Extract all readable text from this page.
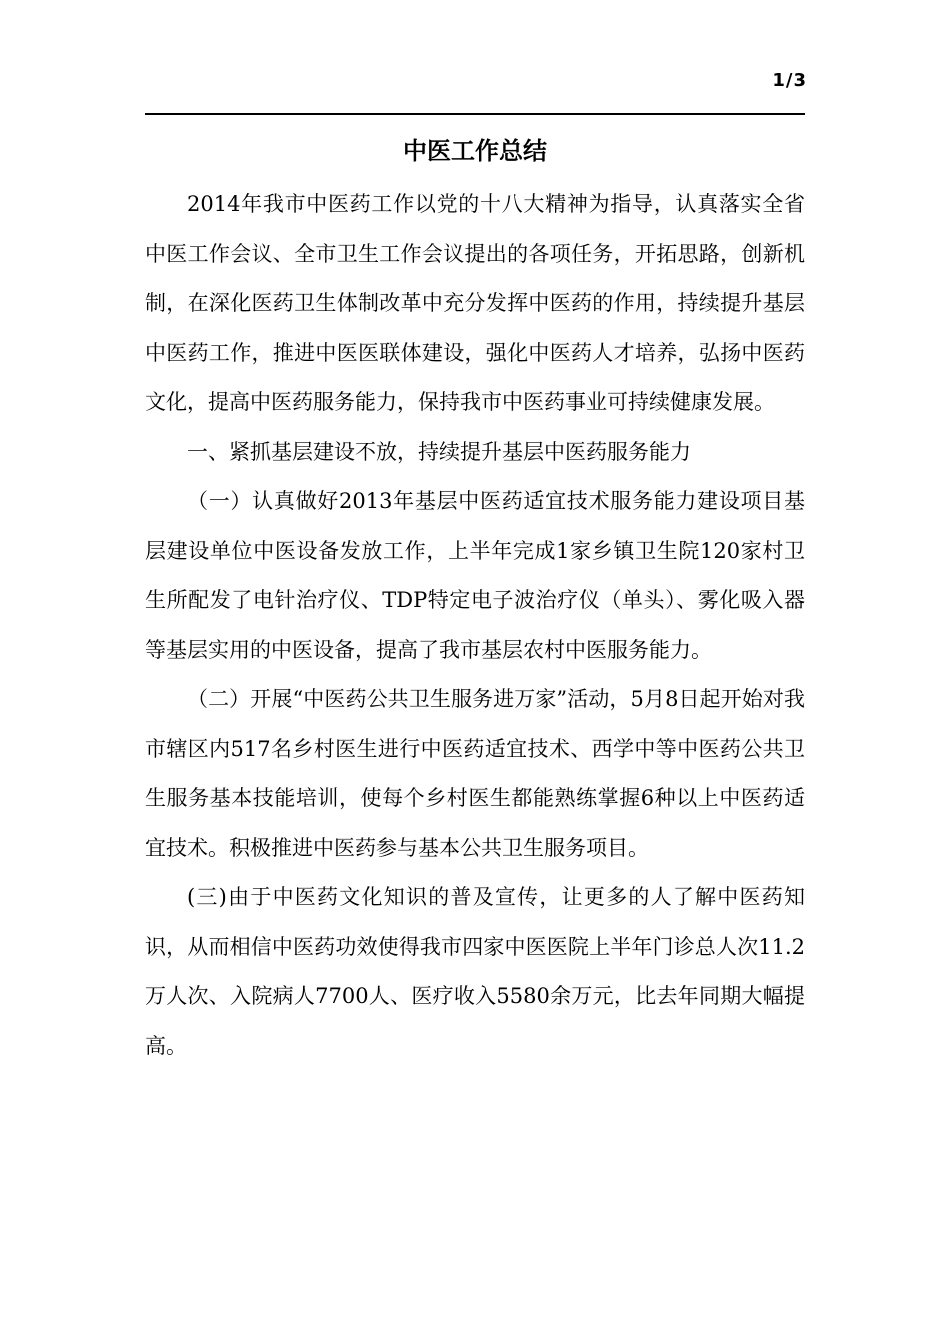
1/3
中医工作总结

2014年我市中医药工作以党的十八大精神为指导，认真落实全省中医工作会议、全市卫生工作会议提出的各项任务，开拓思路，创新机制，在深化医药卫生体制改革中充分发挥中医药的作用，持续提升基层中医药工作，推进中医医联体建设，强化中医药人才培养，弘扬中医药文化，提高中医药服务能力，保持我市中医药事业可持续健康发展。

一、紧抓基层建设不放，持续提升基层中医药服务能力

（一）认真做好2013年基层中医药适宜技术服务能力建设项目基层建设单位中医设备发放工作，上半年完成1家乡镇卫生院120家村卫生所配发了电针治疗仪、TDP特定电子波治疗仪（单头）、雾化吸入器等基层实用的中医设备，提高了我市基层农村中医服务能力。

（二）开展“中医药公共卫生服务进万家”活动，5月8日起开始对我市辖区内517名乡村医生进行中医药适宜技术、西学中等中医药公共卫生服务基本技能培训，使每个乡村医生都能熟练掌握6种以上中医药适宜技术。积极推进中医药参与基本公共卫生服务项目。

(三)由于中医药文化知识的普及宣传，让更多的人了解中医药知识，从而相信中医药功效使得我市四家中医医院上半年门诊总人次11.2万人次、入院病人7700人、医疗收入5580余万元，比去年同期大幅提高。
